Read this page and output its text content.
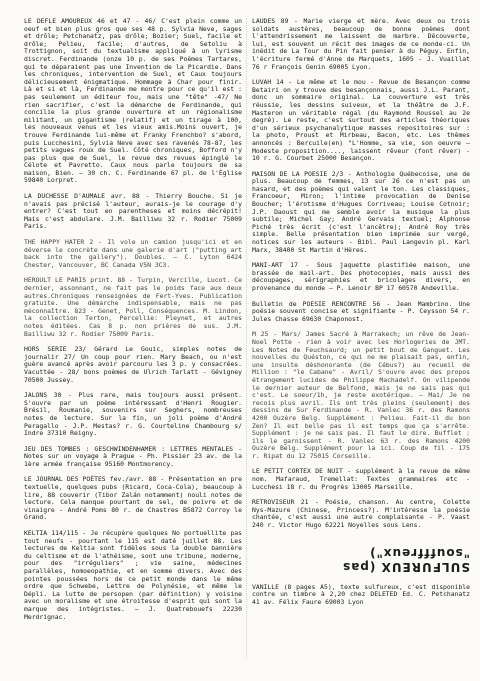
LE DEFLE AMOUREUX 46 et 47 - 46/ C'est plein comme un oeuf et bien plus gros que ses 48 p. Sylvia Neve, sages et drôle; Petchanatz, pas drôle; Bozier; Suel, facile et drôle; Pelieu, facile; d'autres, de Setoliu à Trottignon, soit du textualisme appliqué à un lyrisme discret. Ferdinande (onze 10 p. de ses Poèmes Tartares, qui te déparaient pas une Invention de la Picardie. Dans les chroniques, intervention de Suel, et Caux toujours délicieusement énigmatique. Hommage à Char pour finir. Là et si et là, Ferdinande me montre pour ce qu'il est : pas seulement un éditeur fou, mais une "tête" -47/ Ne rien sacrifier, c'est la démarche de Ferdinande, qui concilie la plus grande ouverture et un régionalisme militant, un gigantisme (relatif) et un tirage à 100, les nouveaux venus et les vieux amis.Moins ouvert, je trouve Ferdinande lui-même et Franky Frenchbo? s'abord, puis Lucchesini, Sylvia Neve avec ses ravenés 78-87, les petits vagues roux de Suel. Côté chroniques, Bofford n'y pas plus que de Suel, le revue des revues épinglé le Célote et Pavretto. Caux nous parle toujours de sa maison, Bien. — 30 ch. C. Ferdinande 67 pl. de l'Église 59840 Lorpret.

LA DUCHESSE D'AUMALE avr. 88 - Thierry Bouche. Si je n'avais pas précisé l'auteur, aurais-je le courage d'y entrer? C'est tout en parentheses et moins décrépit! Mais c'est abdulare. J.M. Bailliwu 32 r. Rodier 75009 Paris.

THE HAPPY HATER 2 - Il vole un camion jusqu'ici et en déverse le concrète dans une galerie d'art ("putting art back into the gallery"). Doubles. — C. Lyton 6424 Chester, Vancouver, BC Canada V5N 3C3.

HEROULT LE PARIS print. 88 - Turpin, Vercille, Lucot. Ce dernier, assonnant, ne fait pas le poids face aux deux autres.Chroniques renseignées de Fert-Yves. Publication gratuite. Une démarche indispensable, mais ne pas méconnaître. 823 - Genet, Poll, Conséquences. M. Lindon, la collection Terton, Percellie: Pleynet, et autres notes éditées. Cas 8 p. non prières de sus. J.M. Bailliwu 32 r. Rodier 75009 Paris.

HORS SERIE 23/ Gérard Le Gouic, simples notes de journalir 27/ Un coup pour rien. Mary Beach, ou n'est guère avancé après avoir parcouru les 3 p. y consacrées. Vacuttée - 28/ bons poèmes de Ulrich Tarlatt - Gévigney 70500 Jussey.

JALONS 30 - Plus rare, mais toujours aussi présent. S'ouvre par un poème intéressant d'Henri Rougier. Brésil, Roumanie, souvenirs sur Seghers, nombreuses notes de lecture. Sur la fin, un joli poème d'André Peragallo - J.P. Mestas? r. G. Courteline Chambourg s/ Indre 37310 Reigny.

JEU DES TOMBES : GESCHWINDENHAMER : LETTRES MENTALES - Notes sur un voyage à Prague - Ph. Pissier 23 av. de la 1ère armée française 95160 Montmorency.

LE JOURNAL DES POÈTES fev./avr. 88 - Présentation en pre textuelle, quelques pubs (Ricard, Coca-Cola), beaucoup à lire, 88 couverir (Tibor Zalán notamment) nouli notes de lecture. Cela manque pourtant de sel, de poivre et de vinaigre - André Poms 80 r. de Chastres B5872 Corroy le Grand.

KELTIA 114/115 - Je récupère quelques No portuellite pas tout neufs - pourtant le 115 est daté juillet 88. Les lectures de Keltia sont fidèles sous la double bannière du celtisme et de l'athéisme, sont une tribune, moderne, pour des "irréguliers" ; vie saine, médecines parallèles, homoeopathie, et en somme divers. Avec des pointes poussées hors de ce petit monde dans le même ordre que Schwebe, Lettre de Polynésie, et même le Dépli. La lutte de persopen (par définition) y voisine avec un moralisme et une étroitesse d'esprit qui sont la marque des intégristes. — J. Quatrebouefs 22230 Merdrignac.

LAUDES 89 - Marie vierge et mère. Avec deux ou trois soldats austères, beaucoup de bonne poèmes dont l'attendrissement me laissent de marbre. Découverte, lui, est souvent un récit des images de ce monde-ci. Un inédit de La Tour du Pin fait penser à du Péguy. Enfin, l'écriture fermé d'Anne de Marquets, 1605 - J. Vuaillat 76 r François Genin 69005 Lyon.

LUVAH 14 - Le même et le mou - Revue de Besançon comme Betairi on y trouve des besançonnais, aussi J.L. Parant, donc un sommaire original. La couverture est très réussie, les dessins suiveux, et la théâtre de J.F. Masteron un véritable régal (du Raymond Roussel au 2e degré). Le reste, c'est surtout des articles théoriques d'un sérieux psychanalytique masses repositoires sur : la photo, Proust et Mirbeau, Bacon, etc. Les thèmes annoncés : Bercuile(en) "L'Homme, sa vie, son oeuvre — Modeste proposition...., laissent rêveur (font rêver) - 10 r. G. Courbet 25000 Besançon.

MAISON DE LA POESIE 2/3 - Anthologie Québecoise, une de plus. Beaucoup de femmes, 13 sur 26 ce n'est pas un hasard, et des poèmes qui valent le ton. Les classiques, Francoeur, Miron; l'intime provocation de Denise Boucher; l'érotisme d'Hugues Corriveau; Louise Cotnoir; J.P. Daoust qui me semble avoir la musique la plus subtile; Michel Gay; André Gervais textuel; Alphonse Piché très écrit (c'est l'ancêtre); André Roy très simple. Belle présentation bien imprimée sur vergé, notices sur les auteurs - Bibl. Paul Langevin pl. Karl Marx, 38400 St Martin d'Hères.

MANI-ART 17 - Sous jaquette plastifiée maison, une brassée de mail-art. Des photocopies, mais aussi des découpages, sérigraphies et bricolages divers, en provenance du monde — P. Lenoir BP 17 60570 Andeville.

Bulletin de POESIE RENCONTRE 56 - Jean Mambrino. Une poésie souvent concise et signifiante - P. Ceysson 54 r. Jules Chasse 69630 Chaponost.

M 25 - Mars/ James Sacré à Marrakech; un rêve de Jean-Noel Potte - rien à voir avec les Horlogeries de JMT. Les Notes de Feuchsaurd; un petit bout de Ganguet. Les nouvelles du Quéston, ce qui ne me plaisait pas, enfin, une insulte déshonorante (de Cébus?) au recueil de Million : "le Cabane" - Avril/ S'ouvre avec des propos étrangement lucides de Philippe Machadelf. On vilipende le dernier auteur de Belfond, mais je ne sais pas qui c'est. Le soeur/1h, je reste exotérique. — Mai/ Je ne recois plus avril. Ils ont très pleins (seulement) des dessins de Sur Ferdinande - R. Vanlec 36 r. des Ramons 4200 Ouzère Belg. Supplément : Pelieu. Fait-il du bon Zen? Il est belle pas il est temps que ça s'arrête. Supplément : je ne sais pas. Il faut le dire. Bufflet : ils le garnissent - R. Vanlec 63 r. des Ramons 4200 Ouzère Belg. Supplément pour la ici. Coup de fil - 175 r. Ripat du 12 75015 Corseille.

LE PETIT CORTEX DE NUIT - supplément à la revue de même nom. Mafaraud, Tremellat: Textes grammaires etc - Lucchesi 18 r. du Progrès 13005 Marseille.

RETROVISEUR 21 - Poésie, chanson. Au centre, Colette Nys-Mazure (Chinese, Princess?). M'intéresse la poésie chantée, c'est aussi une autre complaisante - P. Vaast 240 r. Victor Hugo 62221 Noyelles sous Lens.

SULFUREUX (pas "soufffreux")

VANILLE (8 pages A5), texte sulfureux, c'est disponible contre un timbre à 2,20 chez DELETED Ed. C. Petchanatz 41 av. Félix Faure 69003 Lyon
